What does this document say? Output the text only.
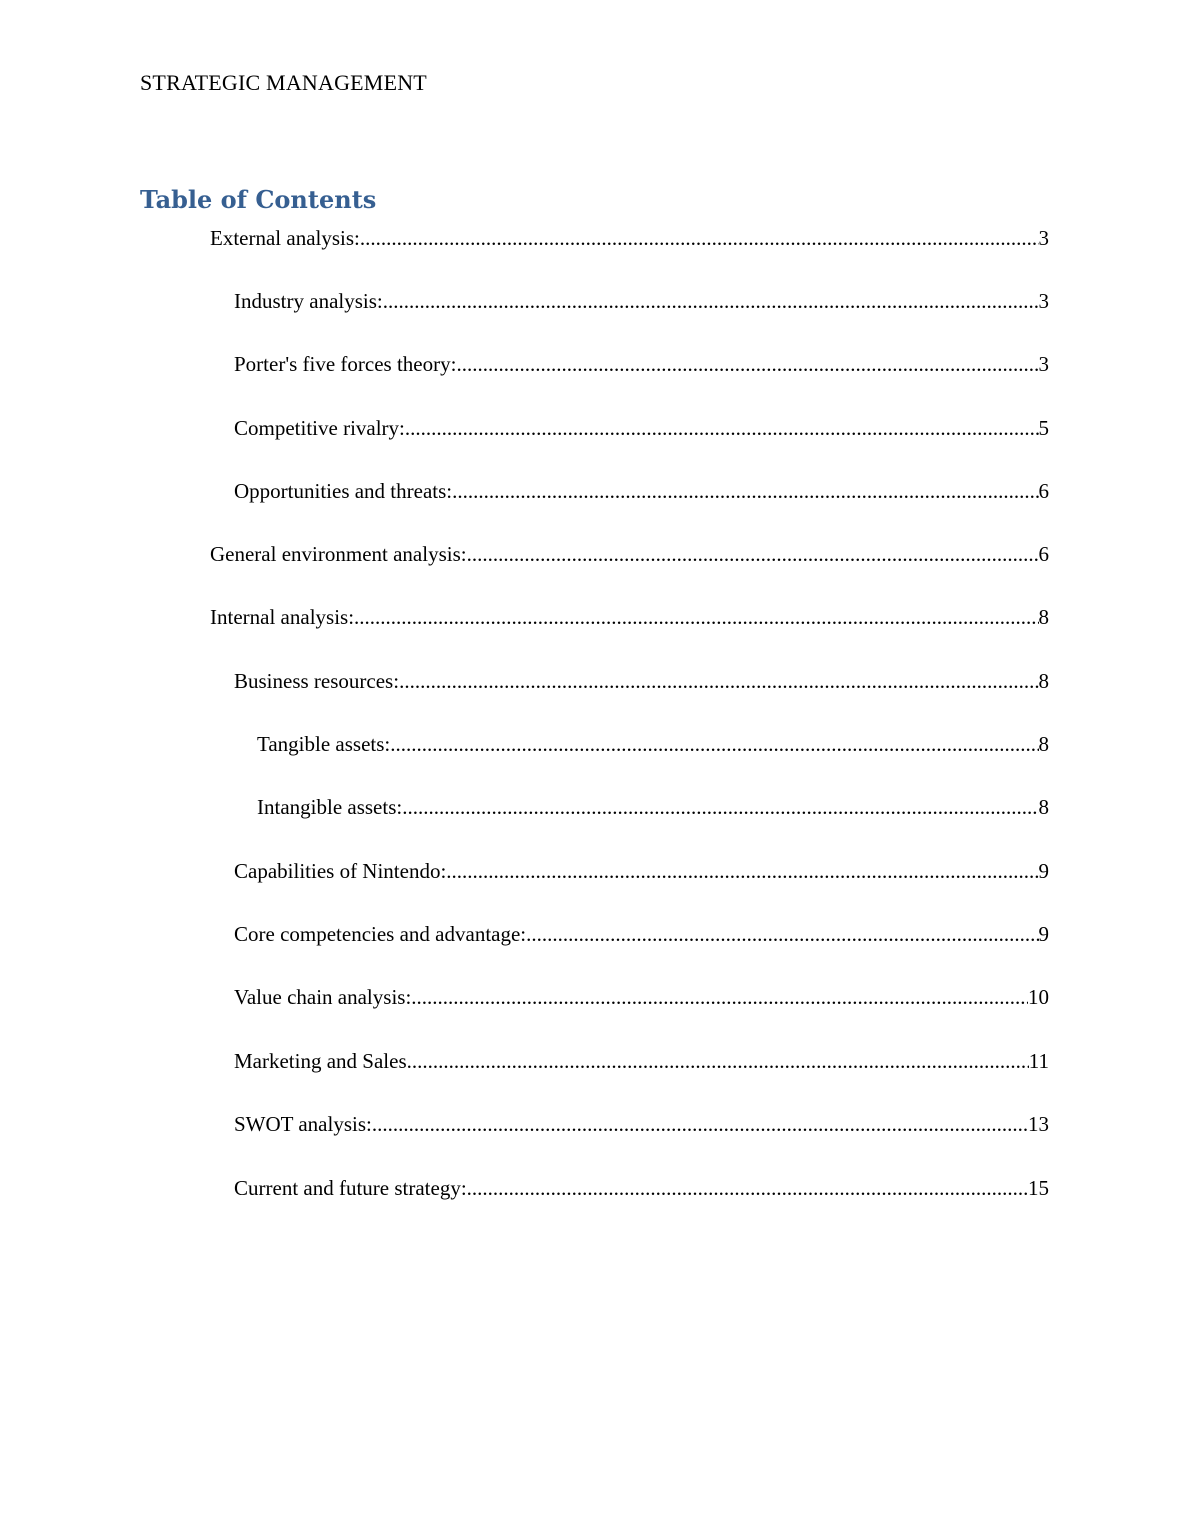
STRATEGIC MANAGEMENT
Table of Contents
External analysis: .....	3
Industry analysis: .....	3
Porter's five forces theory: .....	3
Competitive rivalry: .....	5
Opportunities and threats: .....	6
General environment analysis: .....	6
Internal analysis: .....	8
Business resources: .....	8
Tangible assets: .....	8
Intangible assets: .....	8
Capabilities of Nintendo: .....	9
Core competencies and advantage: .....	9
Value chain analysis: .....	10
Marketing and Sales .....	11
SWOT analysis: .....	13
Current and future strategy: .....	15
